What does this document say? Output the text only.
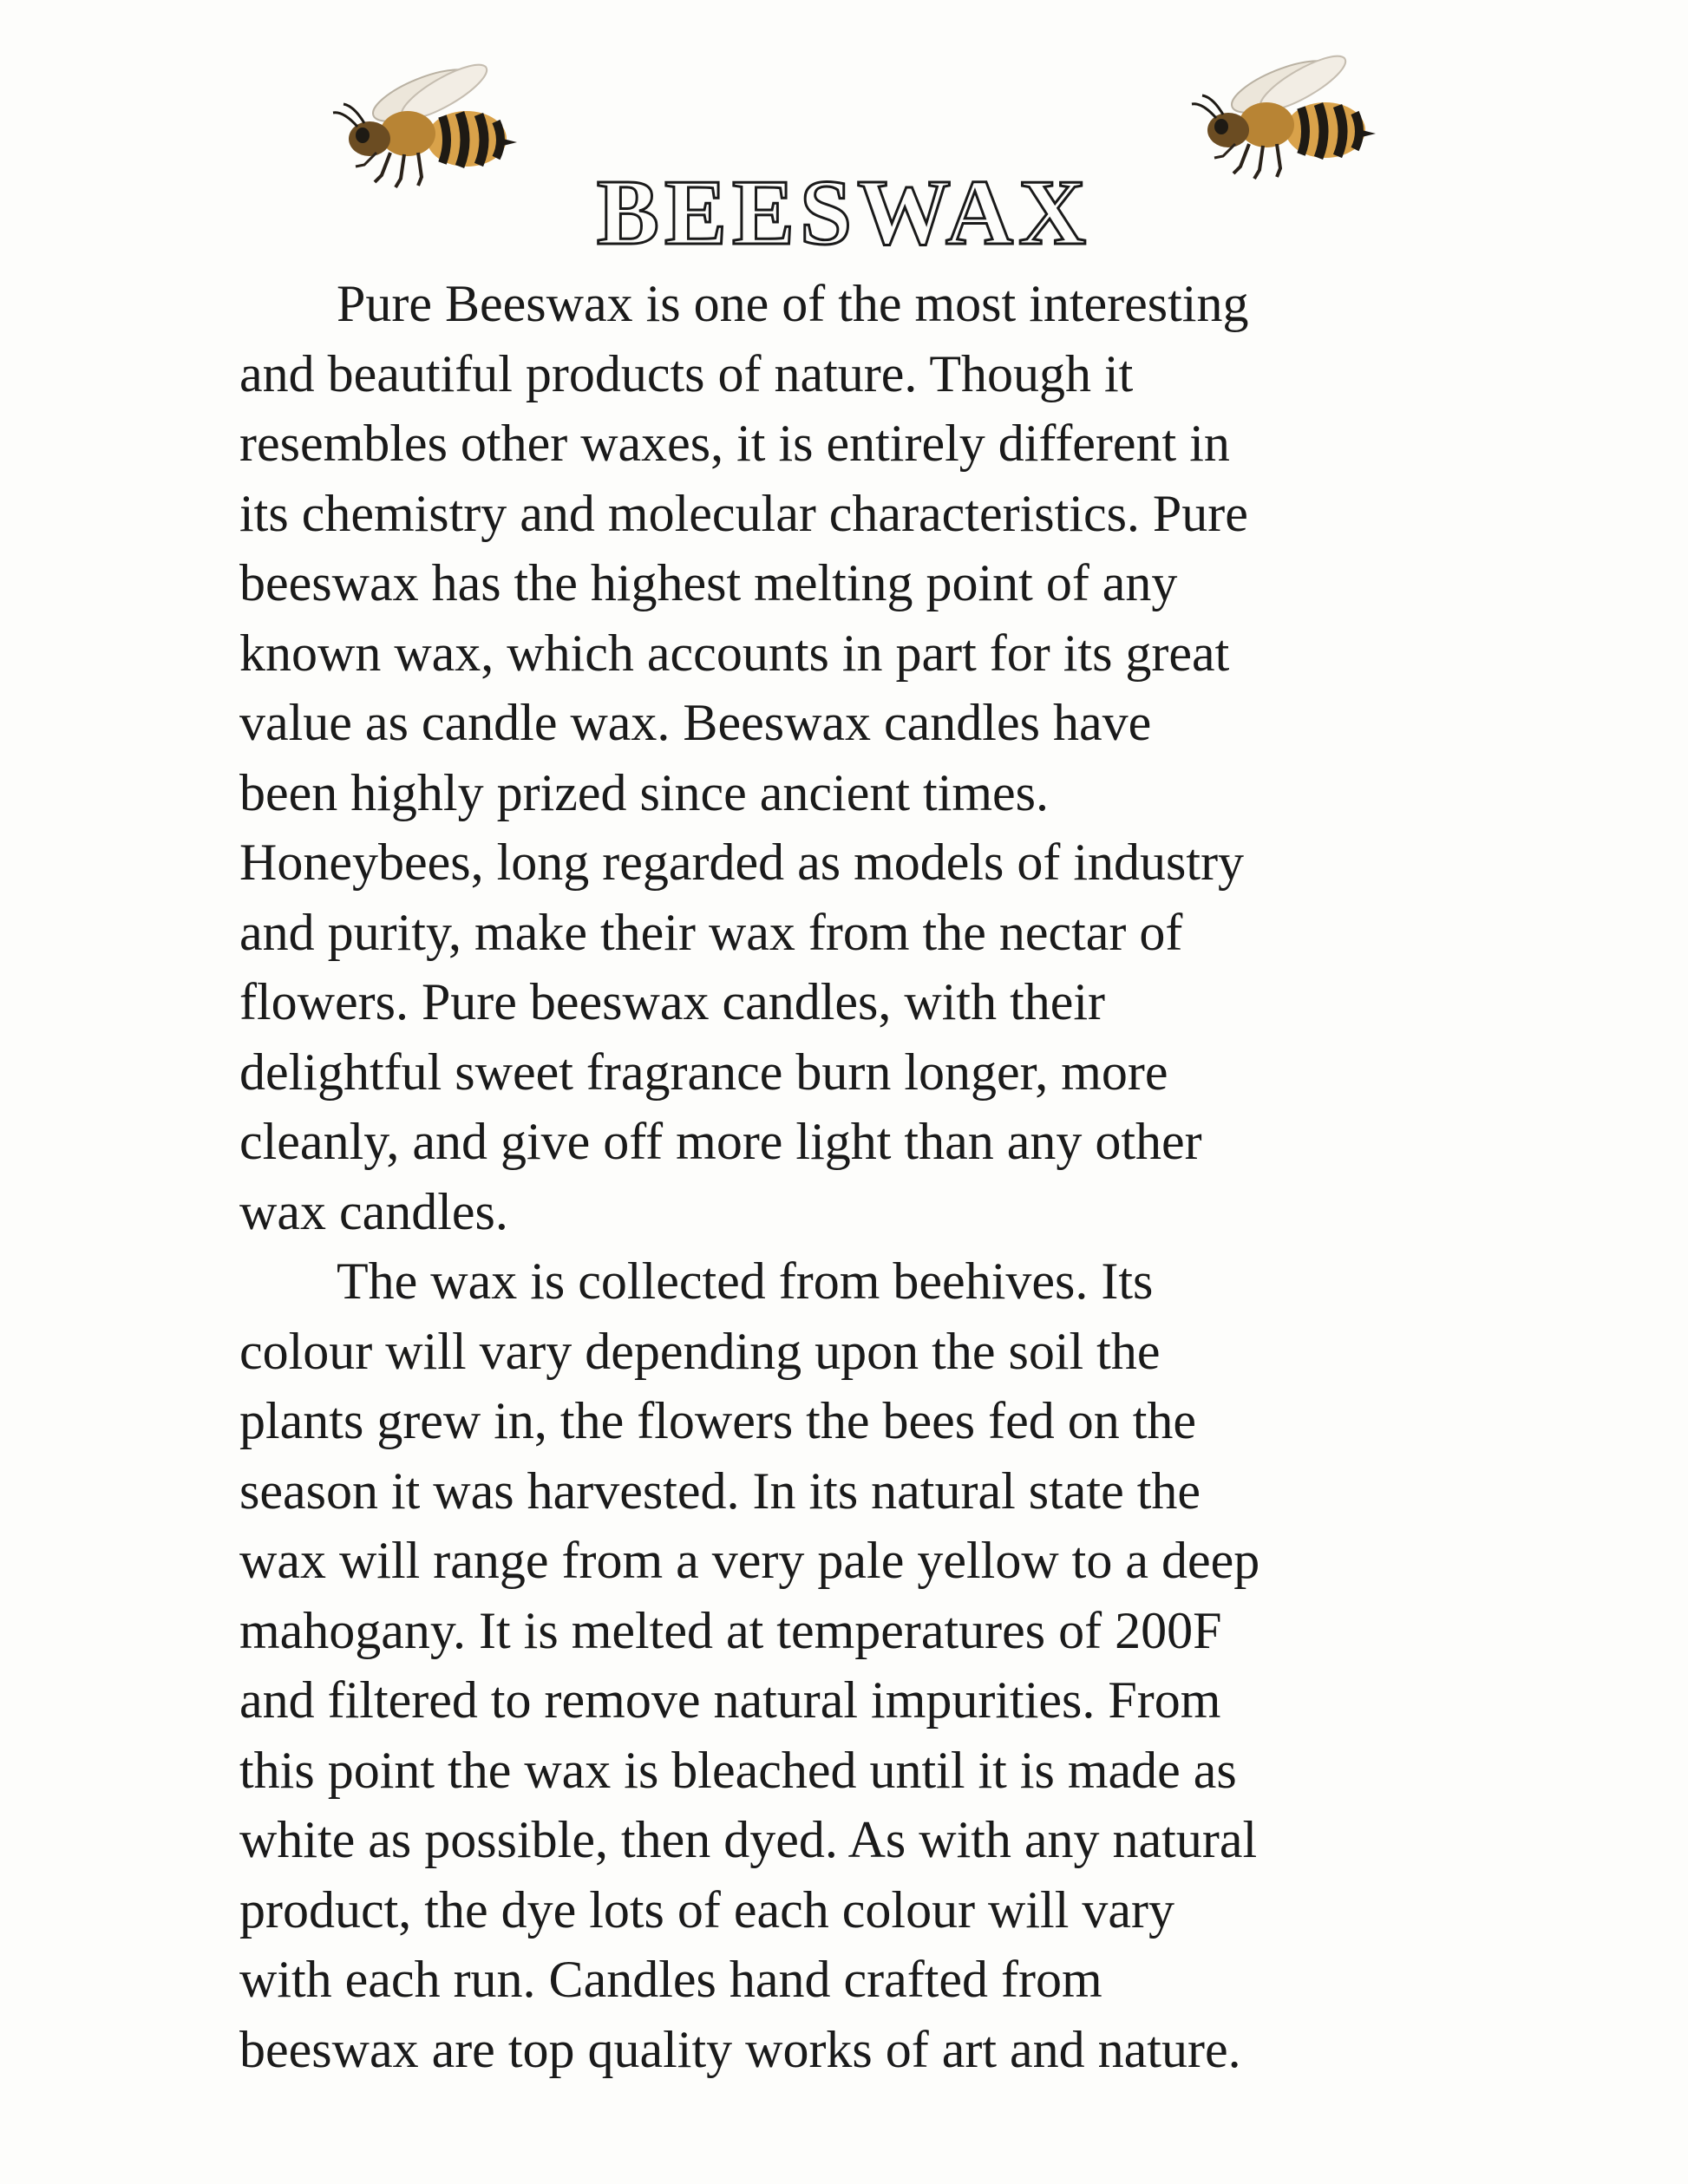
BEESWAX

Pure Beeswax is one of the most interesting
and beautiful products of nature. Though it
resembles other waxes, it is entirely different in
its chemistry and molecular characteristics. Pure
beeswax has the highest melting point of any
known wax, which accounts in part for its great
value as candle wax. Beeswax candles have
been highly prized since ancient times.
Honeybees, long regarded as models of industry
and purity, make their wax from the nectar of
flowers. Pure beeswax candles, with their
delightful sweet fragrance burn longer, more
cleanly, and give off more light than any other
wax candles.

The wax is collected from beehives. Its
colour will vary depending upon the soil the
plants grew in, the flowers the bees fed on the
season it was harvested. In its natural state the
wax will range from a very pale yellow to a deep
mahogany. It is melted at temperatures of 200F
and filtered to remove natural impurities. From
this point the wax is bleached until it is made as
white as possible, then dyed. As with any natural
product, the dye lots of each colour will vary
with each run. Candles hand crafted from
beeswax are top quality works of art and nature.
